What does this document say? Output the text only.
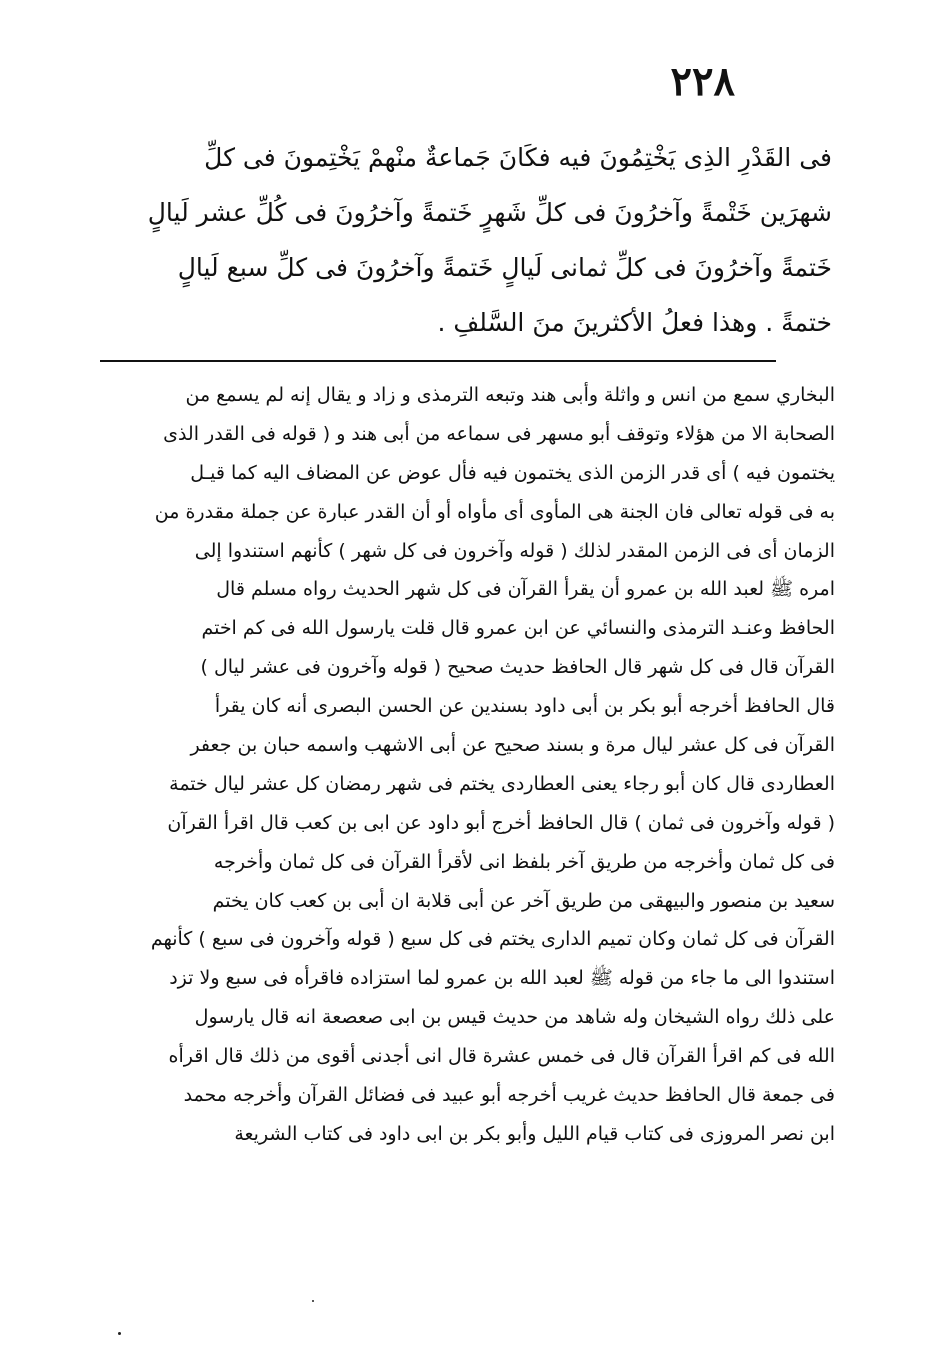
٢٢٨
فى القَدْرِ الذِى يَخْتِمُونَ فيه فكَانَ جَماعةٌ منْهمْ يَخْتِمونَ فى كلِّ
شهرَين خَتْمةً وآخرُونَ فى كلِّ شَهرٍ خَتمةً وآخرُونَ فى كُلِّ عشر لَيالٍ
خَتمةً وآخرُونَ فى كلِّ ثمانى لَيالٍ خَتمةً وآخرُونَ فى كلِّ سبع لَيالٍ
ختمةً . وهذا فعلُ الأكثرينَ منَ السَّلفِ .
البخاري سمع من انس و واثلة وأبى هند وتبعه الترمذى و زاد و يقال إنه لم يسمع من
الصحابة الا من هؤلاء وتوقف أبو مسهر فى سماعه من أبى هند و ( قوله فى القدر الذى
يختمون فيه ) أى قدر الزمن الذى يختمون فيه فأل عوض عن المضاف اليه كما قيـل
به فى قوله تعالى فان الجنة هى المأوى أى مأواه أو أن القدر عبارة عن جملة مقدرة من
الزمان أى فى الزمن المقدر لذلك ( قوله وآخرون فى كل شهر ) كأنهم استندوا إلى
امره ﷺ لعبد الله بن عمرو أن يقرأ القرآن فى كل شهر الحديث رواه مسلم قال
الحافظ وعنـد الترمذى والنسائي عن ابن عمرو قال قلت يارسول الله فى كم اختم
القرآن قال فى كل شهر قال الحافظ حديث صحيح ( قوله وآخرون فى عشر ليال )
قال الحافظ أخرجه أبو بكر بن أبى داود بسندين عن الحسن البصرى أنه كان يقرأ
القرآن فى كل عشر ليال مرة و بسند صحيح عن أبى الاشهب واسمه حبان بن جعفر
العطاردى قال كان أبو رجاء يعنى العطاردى يختم فى شهر رمضان كل عشر ليال ختمة
( قوله وآخرون فى ثمان ) قال الحافظ أخرج أبو داود عن ابى بن كعب قال اقرأ القرآن
فى كل ثمان وأخرجه من طريق آخر بلفظ انى لأقرأ القرآن فى كل ثمان وأخرجه
سعيد بن منصور والبيهقى من طريق آخر عن أبى قلابة ان أبى بن كعب كان يختم
القرآن فى كل ثمان وكان تميم الدارى يختم فى كل سبع ( قوله وآخرون فى سبع ) كأنهم
استندوا الى ما جاء من قوله ﷺ لعبد الله بن عمرو لما استزاده فاقرأه فى سبع ولا تزد
على ذلك رواه الشيخان وله شاهد من حديث قيس بن ابى صعصعة انه قال يارسول
الله فى كم اقرأ القرآن قال فى خمس عشرة قال انى أجدنى أقوى من ذلك قال اقرأه
فى جمعة قال الحافظ حديث غريب أخرجه أبو عبيد فى فضائل القرآن وأخرجه محمد
ابن نصر المروزى فى كتاب قيام الليل وأبو بكر بن ابى داود فى كتاب الشريعة
